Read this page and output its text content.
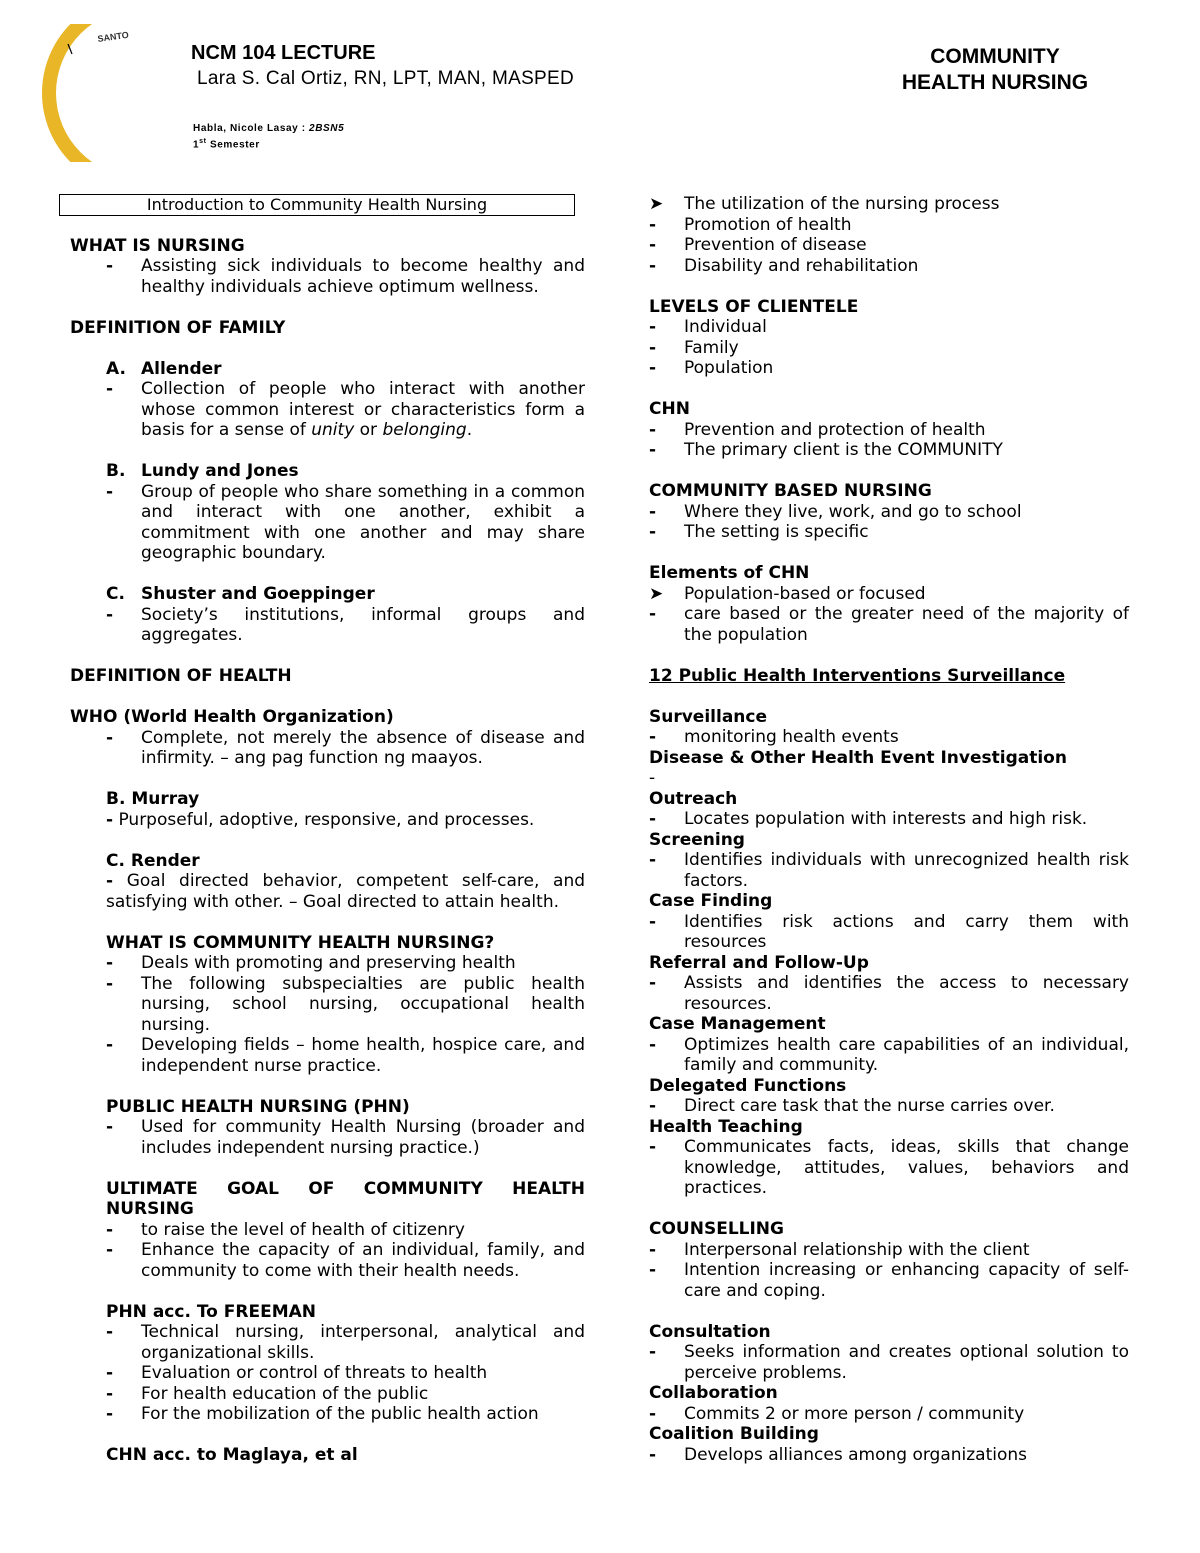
SANTO
NCM 104 LECTURE
Lara S. Cal Ortiz, RN, LPT, MAN, MASPED
Habla, Nicole Lasay : 2BSN5
1st Semester
COMMUNITY
HEALTH NURSING
Introduction to Community Health Nursing

WHAT IS NURSING

- Assisting sick individuals to become healthy and healthy individuals achieve optimum wellness.

DEFINITION OF FAMILY

A. Allender

- Collection of people who interact with another whose common interest or characteristics form a basis for a sense of unity or belonging.

B. Lundy and Jones

- Group of people who share something in a common and interact with one another, exhibit a commitment with one another and may share geographic boundary.

C. Shuster and Goeppinger

- Society’s institutions, informal groups and aggregates.

DEFINITION OF HEALTH

WHO (World Health Organization)

- Complete, not merely the absence of disease and infirmity. – ang pag function ng maayos.

B. Murray

- Purposeful, adoptive, responsive, and processes.

C. Render

- Goal directed behavior, competent self-care, and satisfying with other. – Goal directed to attain health.

WHAT IS COMMUNITY HEALTH NURSING?

- Deals with promoting and preserving health
- The following subspecialties are public health nursing, school nursing, occupational health nursing.
- Developing fields – home health, hospice care, and independent nurse practice.

PUBLIC HEALTH NURSING (PHN)

- Used for community Health Nursing (broader and includes independent nursing practice.)

ULTIMATE GOAL OF COMMUNITY HEALTH NURSING

- to raise the level of health of citizenry
- Enhance the capacity of an individual, family, and community to come with their health needs.

PHN acc. To FREEMAN

- Technical nursing, interpersonal, analytical and organizational skills.
- Evaluation or control of threats to health
- For health education of the public
- For the mobilization of the public health action

CHN acc. to Maglaya, et al

➤ The utilization of the nursing process
- Promotion of health
- Prevention of disease
- Disability and rehabilitation

LEVELS OF CLIENTELE

- Individual
- Family
- Population

CHN

- Prevention and protection of health
- The primary client is the COMMUNITY

COMMUNITY BASED NURSING

- Where they live, work, and go to school
- The setting is specific

Elements of CHN

➤ Population-based or focused
- care based or the greater need of the majority of the population

12 Public Health Interventions Surveillance

Surveillance

- monitoring health events

Disease & Other Health Event Investigation

-

Outreach

- Locates population with interests and high risk.

Screening

- Identifies individuals with unrecognized health risk factors.

Case Finding

- Identifies risk actions and carry them with resources

Referral and Follow-Up

- Assists and identifies the access to necessary resources.

Case Management

- Optimizes health care capabilities of an individual, family and community.

Delegated Functions

- Direct care task that the nurse carries over.

Health Teaching

- Communicates facts, ideas, skills that change knowledge, attitudes, values, behaviors and practices.

COUNSELLING

- Interpersonal relationship with the client
- Intention increasing or enhancing capacity of self-care and coping.

Consultation

- Seeks information and creates optional solution to perceive problems.

Collaboration

- Commits 2 or more person / community

Coalition Building

- Develops alliances among organizations
